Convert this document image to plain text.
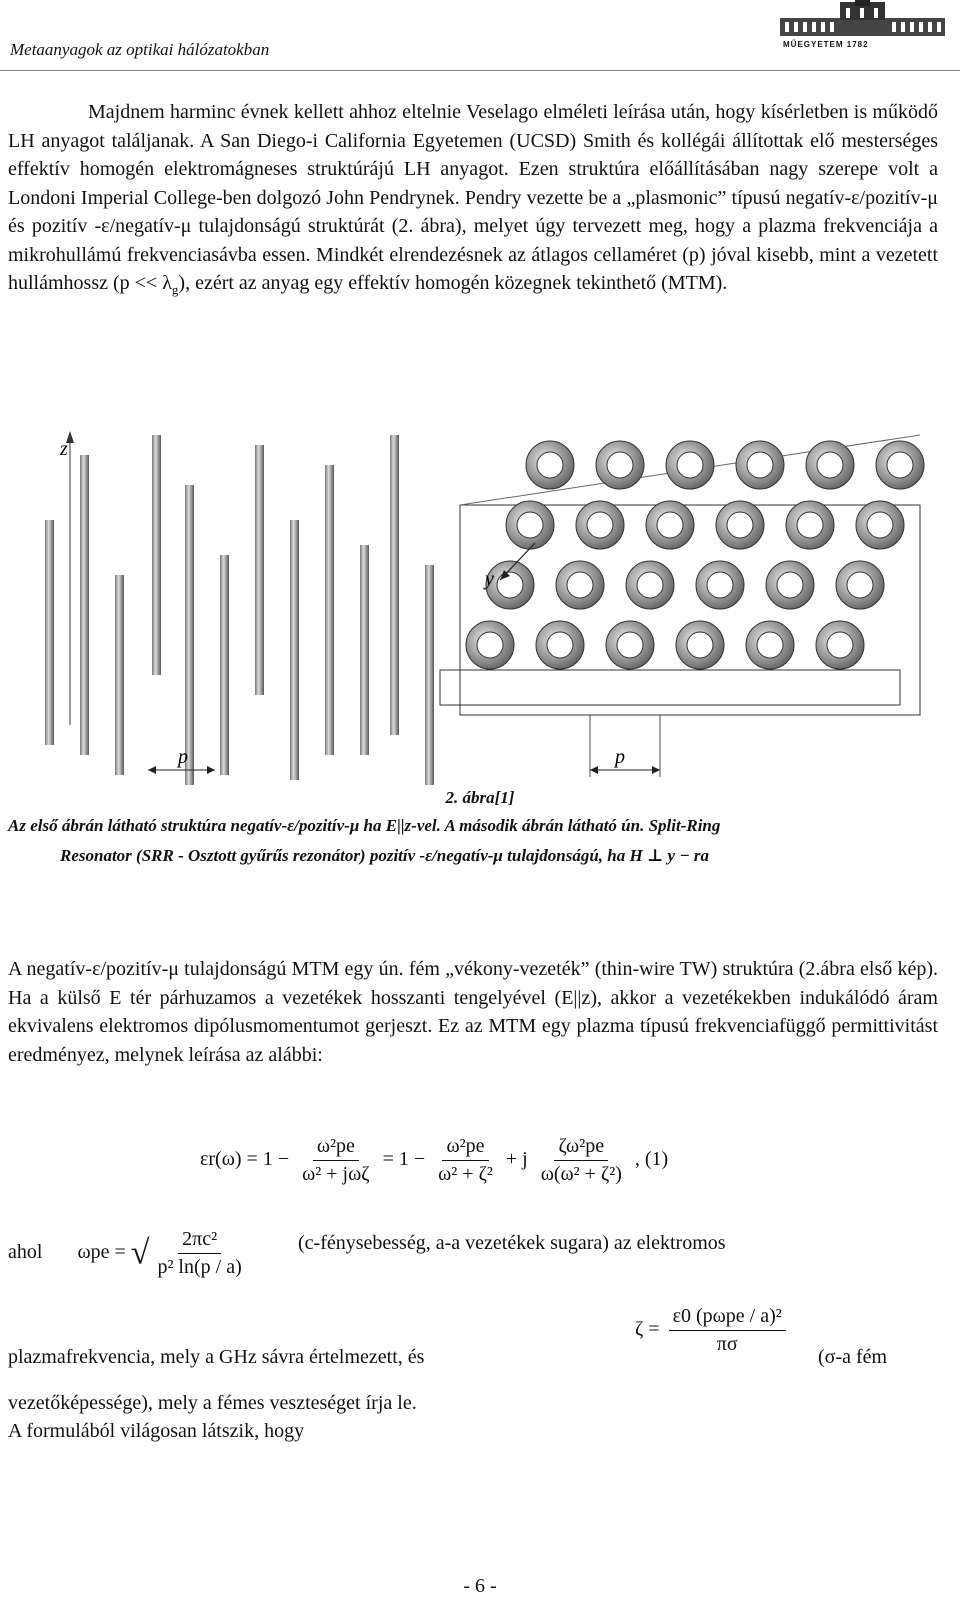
Metaanyagok az optikai hálózatokban	MŰEGYETEM 1782

Majdnem harminc évnek kellett ahhoz eltelnie Veselago elméleti leírása után, hogy kísérletben is működő LH anyagot találjanak. A San Diego-i California Egyetemen (UCSD) Smith és kollégái állítottak elő mesterséges effektív homogén elektromágneses struktúrájú LH anyagot. Ezen struktúra előállításában nagy szerepe volt a Londoni Imperial College-ben dolgozó John Pendrynek. Pendry vezette be a „plasmonic” típusú negatív-ε/pozitív-μ és pozitív -ε/negatív-μ tulajdonságú struktúrát (2. ábra), melyet úgy tervezett meg, hogy a plazma frekvenciája a mikrohullámú frekvenciasávba essen. Mindkét elrendezésnek az átlagos cellaméret (p) jóval kisebb, mint a vezetett hullámhossz $(p << \lambda_g)$, ezért az anyag egy effektív homogén közegnek tekinthető (MTM).

z
y
p	p
2. ábra[1]
Az első ábrán látható struktúra negatív-ε/pozitív-μ ha E||z-vel. A második ábrán látható ún. Split-Ring
Resonator (SRR - Osztott gyűrűs rezonátor) pozitív -ε/negatív-μ tulajdonságú, ha H ⊥ y − ra

A negatív-ε/pozitív-μ tulajdonságú MTM egy ún. fém „vékony-vezeték” (thin-wire TW) struktúra (2.ábra első kép). Ha a külső E tér párhuzamos a vezetékek hosszanti tengelyével (E||z), akkor a vezetékekben indukálódó áram ekvivalens elektromos dipólusmomentumot gerjeszt. Ez az MTM egy plazma típusú frekvenciafüggő permittivitást eredményez, melynek leírása az alábbi:

$\varepsilon r(\omega) = 1 - \frac{\text{ω²pe}}{\text{ω² + jωζ}} = 1 - \frac{\text{ω²pe}}{\text{ω² + ζ²}} + j \frac{\text{ζω²pe}}{\text{ω(ω² + ζ²)}}$ , (1)
ahol ωpe = √ $\frac{\text{2πc²}}{\text{p² ln(p / a)}}$	(c-fénysebesség, a-a vezetékek sugara) az elektromos
plazmafrekvencia, mely a GHz sávra értelmezett, és
$\zeta = \frac{\text{ε0 (pωpe / a)²}}{\pi\sigma}$
(σ-a fém
vezetőképessége), mely a fémes veszteséget írja le.
A formulából világosan látszik, hogy
- 6 -
